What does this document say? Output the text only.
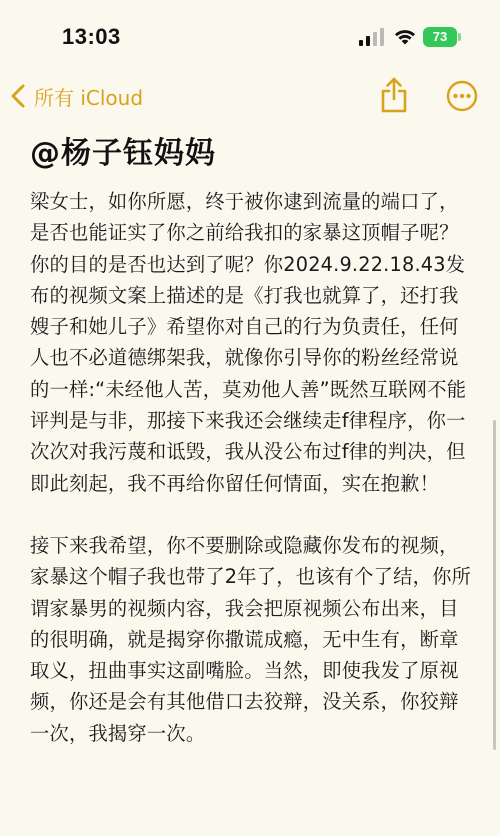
13:03	73
所有 iCloud
@杨子钰妈妈

梁女士，如你所愿，终于被你逮到流量的端口了，是否也能证实了你之前给我扣的家暴这顶帽子呢？你的目的是否也达到了呢？你2024.9.22.18.43发布的视频文案上描述的是《打我也就算了，还打我嫂子和她儿子》希望你对自己的行为负责任，任何人也不必道德绑架我，就像你引导你的粉丝经常说的一样:“未经他人苦，莫劝他人善”既然互联网不能评判是与非，那接下来我还会继续走f律程序，你一次次对我污蔑和诋毁，我从没公布过f律的判决，但即此刻起，我不再给你留任何情面，实在抱歉！

接下来我希望，你不要删除或隐藏你发布的视频，家暴这个帽子我也带了2年了，也该有个了结，你所谓家暴男的视频内容，我会把原视频公布出来，目的很明确，就是揭穿你撒谎成瘾，无中生有，断章取义，扭曲事实这副嘴脸。当然，即使我发了原视频，你还是会有其他借口去狡辩，没关系，你狡辩一次，我揭穿一次。
